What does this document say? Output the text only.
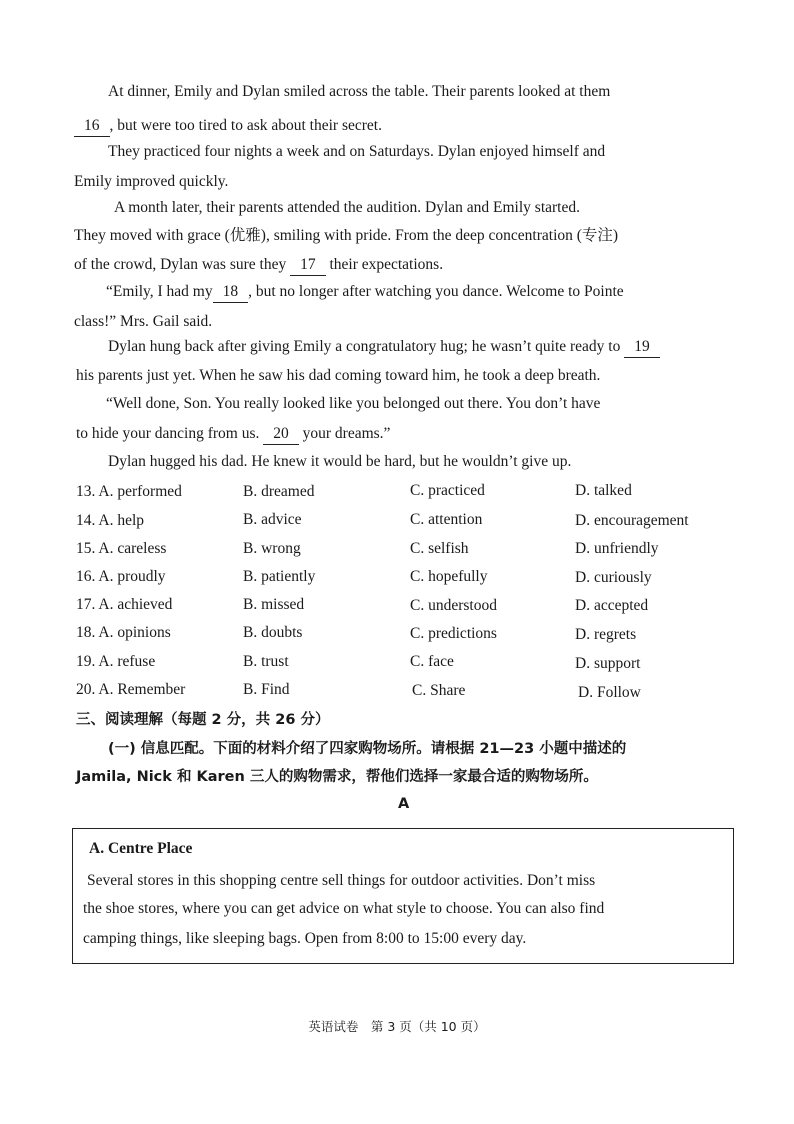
At dinner, Emily and Dylan smiled across the table. Their parents looked at them
16 , but were too tired to ask about their secret.
They practiced four nights a week and on Saturdays. Dylan enjoyed himself and
Emily improved quickly.
A month later, their parents attended the audition. Dylan and Emily started.
They moved with grace (优雅), smiling with pride. From the deep concentration (专注)
of the crowd, Dylan was sure they 17 their expectations.
“Emily, I had my 18 , but no longer after watching you dance. Welcome to Pointe
class!” Mrs. Gail said.
Dylan hung back after giving Emily a congratulatory hug; he wasn’t quite ready to 19
his parents just yet. When he saw his dad coming toward him, he took a deep breath.
“Well done, Son. You really looked like you belonged out there. You don’t have
to hide your dancing from us. 20 your dreams.”
Dylan hugged his dad. He knew it would be hard, but he wouldn’t give up.
13. A. performed	B. dreamed	C. practiced	D. talked
14. A. help	B. advice	C. attention	D. encouragement
15. A. careless	B. wrong	C. selfish	D. unfriendly
16. A. proudly	B. patiently	C. hopefully	D. curiously
17. A. achieved	B. missed	C. understood	D. accepted
18. A. opinions	B. doubts	C. predictions	D. regrets
19. A. refuse	B. trust	C. face	D. support
20. A. Remember	B. Find	C. Share	D. Follow
三、阅读理解（每题 2 分，共 26 分）
(一) 信息匹配。下面的材料介绍了四家购物场所。请根据 21—23 小题中描述的
Jamila, Nick 和 Karen 三人的购物需求，帮他们选择一家最合适的购物场所。
A
A. Centre Place
Several stores in this shopping centre sell things for outdoor activities. Don’t miss
the shoe stores, where you can get advice on what style to choose. You can also find
camping things, like sleeping bags. Open from 8:00 to 15:00 every day.
英语试卷　第 3 页（共 10 页）
